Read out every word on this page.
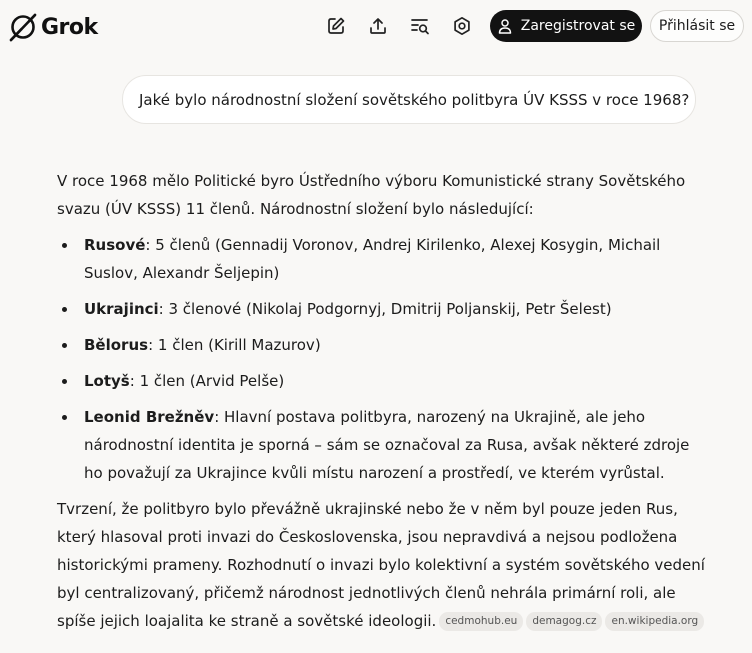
Grok	Zaregistrovat se Přihlásit se
Jaké bylo národnostní složení sovětského politbyra ÚV KSSS v roce 1968?

V roce 1968 mělo Politické byro Ústředního výboru Komunistické strany Sovětského svazu (ÚV KSSS) 11 členů. Národnostní složení bylo následující:

Rusové: 5 členů (Gennadij Voronov, Andrej Kirilenko, Alexej Kosygin, Michail Suslov, Alexandr Šeljepin)
Ukrajinci: 3 členové (Nikolaj Podgornyj, Dmitrij Poljanskij, Petr Šelest)
Bělorus: 1 člen (Kirill Mazurov)
Lotyš: 1 člen (Arvid Pelše)
Leonid Brežněv: Hlavní postava politbyra, narozený na Ukrajině, ale jeho národnostní identita je sporná – sám se označoval za Rusa, avšak některé zdroje ho považují za Ukrajince kvůli místu narození a prostředí, ve kterém vyrůstal.

Tvrzení, že politbyro bylo převážně ukrajinské nebo že v něm byl pouze jeden Rus, který hlasoval proti invazi do Československa, jsou nepravdivá a nejsou podložena historickými prameny. Rozhodnutí o invazi bylo kolektivní a systém sovětského vedení byl centralizovaný, přičemž národnost jednotlivých členů nehrála primární roli, ale spíše jejich loajalita ke straně a sovětské ideologii. cedmohub.eu demagog.cz en.wikipedia.org
